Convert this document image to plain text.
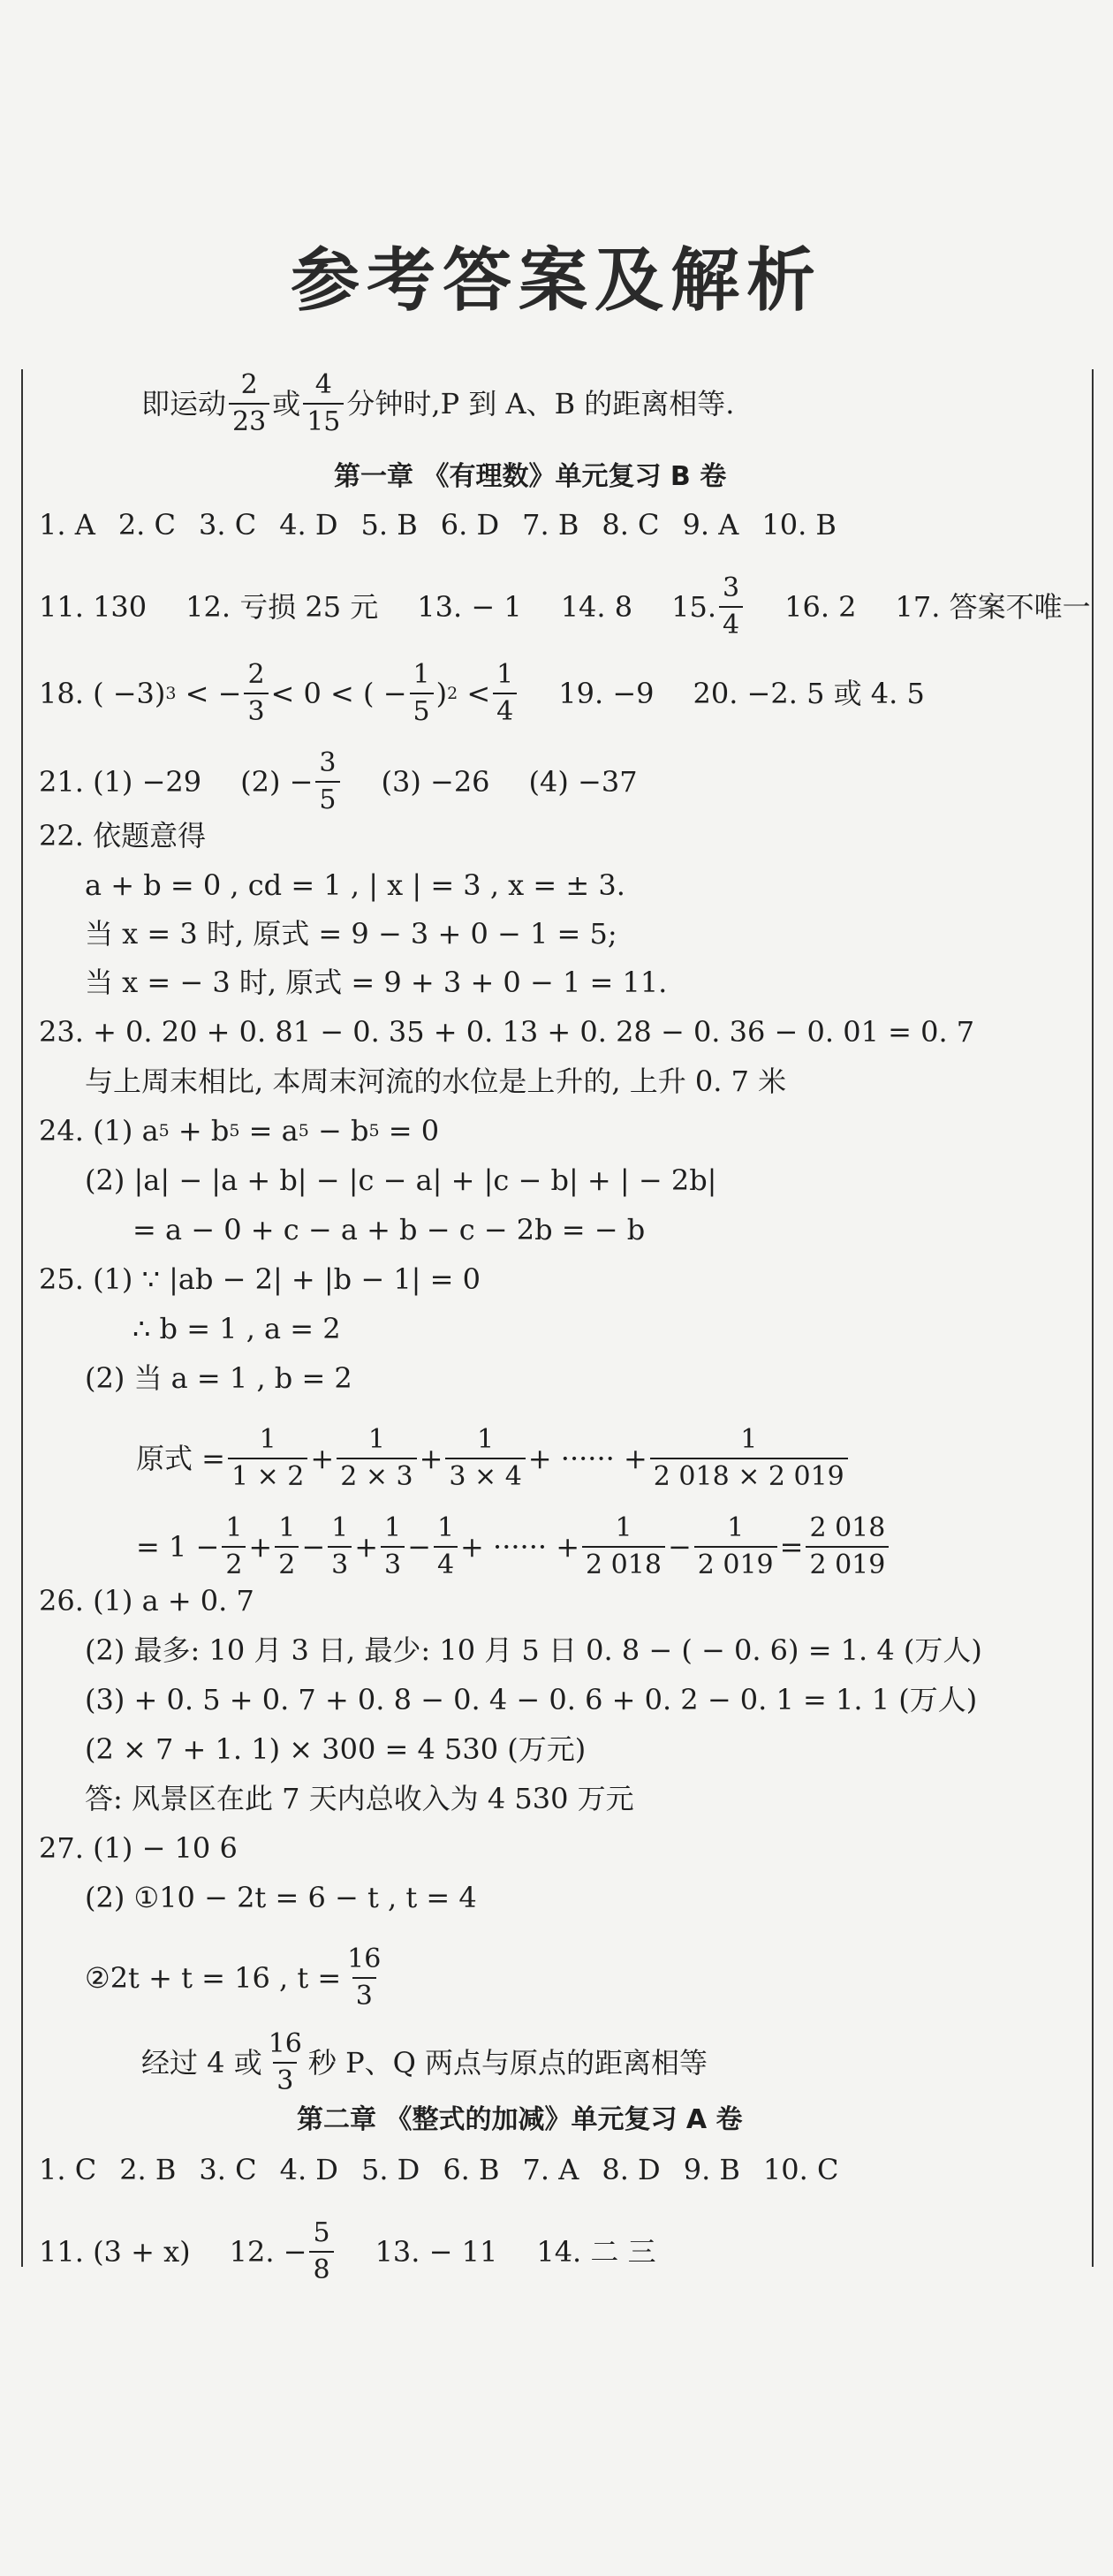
参考答案及解析
即运动 $\frac{2}{23}$ 或 $\frac{4}{15}$ 分钟时,P 到 A、B 的距离相等.
第一章 《有理数》单元复习 B 卷
1. A 2. C 3. C 4. D 5. B 6. D 7. B 8. C 9. A 10. B
11. 130 12. 亏损 25 元 13. − 1 14. 8 15. $\frac{3}{4} 16$. 2 17. 答案不唯一
18. ( −3) 3
< − $\frac{2}{3} < 0$ < ( − $\frac{1}{5}$ ) 2
< $\frac{1}{4} 19$. −9 20. −2. 5 或 4. 5
21. (1) −29 $(2) - \frac{3}{5} (3) -26$ (4) −37
22. 依题意得
a + b = 0 , cd = 1 , | x | = 3 , x = ± 3.
当 x = 3 时, 原式 = 9 − 3 + 0 − 1 = 5;
当 x = − 3 时, 原式 = 9 + 3 + 0 − 1 = 11.
23. + 0. 20 + 0. 81 − 0. 35 + 0. 13 + 0. 28 − 0. 36 − 0. 01 = 0. 7
与上周末相比, 本周末河流的水位是上升的, 上升 0. 7 米
24. (1) a 5
+ b 5
= a 5
− b 5
= 0
(2) |a| − |a + b| − |c − a| + |c − b| + | − 2b|
= a − 0 + c − a + b − c − 2b = − b
25. (1) ∵ |ab − 2| + |b − 1| = 0
∴ b = 1 , a = 2
(2) 当 a = 1 , b = 2
原式 = $\frac{1}{1 \times 2} + \frac{1}{2 \times 3} + \frac{1}{3 \times 4}$ + ······ + $\frac{1}{2 018 \times 2 019}$
= $1 - \frac{1}{2} + \frac{1}{2} - \frac{1}{3} + \frac{1}{3} - \frac{1}{4}$ + ······ + $\frac{1}{2 018} - \frac{1}{2 019} = \frac{2 018}{2 019}$
26. (1) a + 0. 7
(2) 最多: 10 月 3 日, 最少: 10 月 5 日 0. 8 − ( − 0. 6) = 1. 4 (万人)
(3) + 0. 5 + 0. 7 + 0. 8 − 0. 4 − 0. 6 + 0. 2 − 0. 1 = 1. 1 (万人)
(2 × 7 + 1. 1) × 300 = 4 530 (万元)
答: 风景区在此 7 天内总收入为 4 530 万元
27. (1) − 10 6
(2) ①10 − 2t = 6 − t , t = 4
②2t + t = 16 , $t = \frac{16}{3}$
经过 4 或 $\frac{16}{3}$ 秒 P、Q 两点与原点的距离相等
第二章 《整式的加减》单元复习 A 卷
1. C 2. B 3. C 4. D 5. D 6. B 7. A 8. D 9. B 10. C
11. (3 + x) 12. − $\frac{5}{8} 13$. − 11 14. 二 三
